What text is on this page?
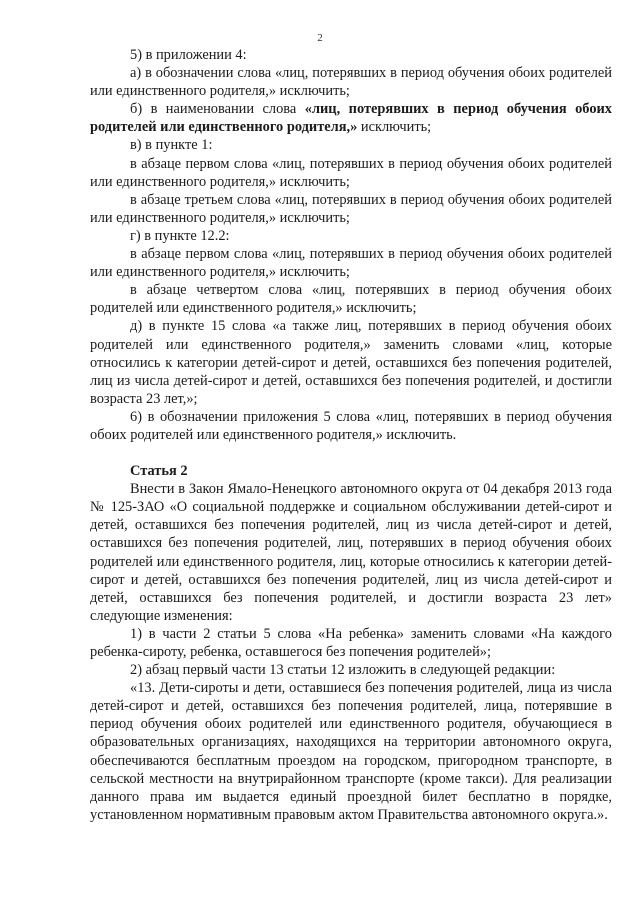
2

5) в приложении 4:

а) в обозначении слова «лиц, потерявших в период обучения обоих родителей или единственного родителя,» исключить;

б) в наименовании слова «лиц, потерявших в период обучения обоих родителей или единственного родителя,» исключить;

в) в пункте 1:

в абзаце первом слова «лиц, потерявших в период обучения обоих родителей или единственного родителя,» исключить;

в абзаце третьем слова «лиц, потерявших в период обучения обоих родителей или единственного родителя,» исключить;

г) в пункте 12.2:

в абзаце первом слова «лиц, потерявших в период обучения обоих родителей или единственного родителя,» исключить;

в абзаце четвертом слова «лиц, потерявших в период обучения обоих родителей или единственного родителя,» исключить;

д) в пункте 15 слова «а также лиц, потерявших в период обучения обоих родителей или единственного родителя,» заменить словами «лиц, которые относились к категории детей-сирот и детей, оставшихся без попечения родителей, лиц из числа детей-сирот и детей, оставшихся без попечения родителей, и достигли возраста 23 лет,»;

6) в обозначении приложения 5 слова «лиц, потерявших в период обучения обоих родителей или единственного родителя,» исключить.

Статья 2

Внести в Закон Ямало-Ненецкого автономного округа от 04 декабря 2013 года № 125-ЗАО «О социальной поддержке и социальном обслуживании детей-сирот и детей, оставшихся без попечения родителей, лиц из числа детей-сирот и детей, оставшихся без попечения родителей, лиц, потерявших в период обучения обоих родителей или единственного родителя, лиц, которые относились к категории детей-сирот и детей, оставшихся без попечения родителей, лиц из числа детей-сирот и детей, оставшихся без попечения родителей, и достигли возраста 23 лет» следующие изменения:

1) в части 2 статьи 5 слова «На ребенка» заменить словами «На каждого ребенка-сироту, ребенка, оставшегося без попечения родителей»;

2) абзац первый части 13 статьи 12 изложить в следующей редакции:

«13. Дети-сироты и дети, оставшиеся без попечения родителей, лица из числа детей-сирот и детей, оставшихся без попечения родителей, лица, потерявшие в период обучения обоих родителей или единственного родителя, обучающиеся в образовательных организациях, находящихся на территории автономного округа, обеспечиваются бесплатным проездом на городском, пригородном транспорте, в сельской местности на внутрирайонном транспорте (кроме такси). Для реализации данного права им выдается единый проездной билет бесплатно в порядке, установленном нормативным правовым актом Правительства автономного округа.».
